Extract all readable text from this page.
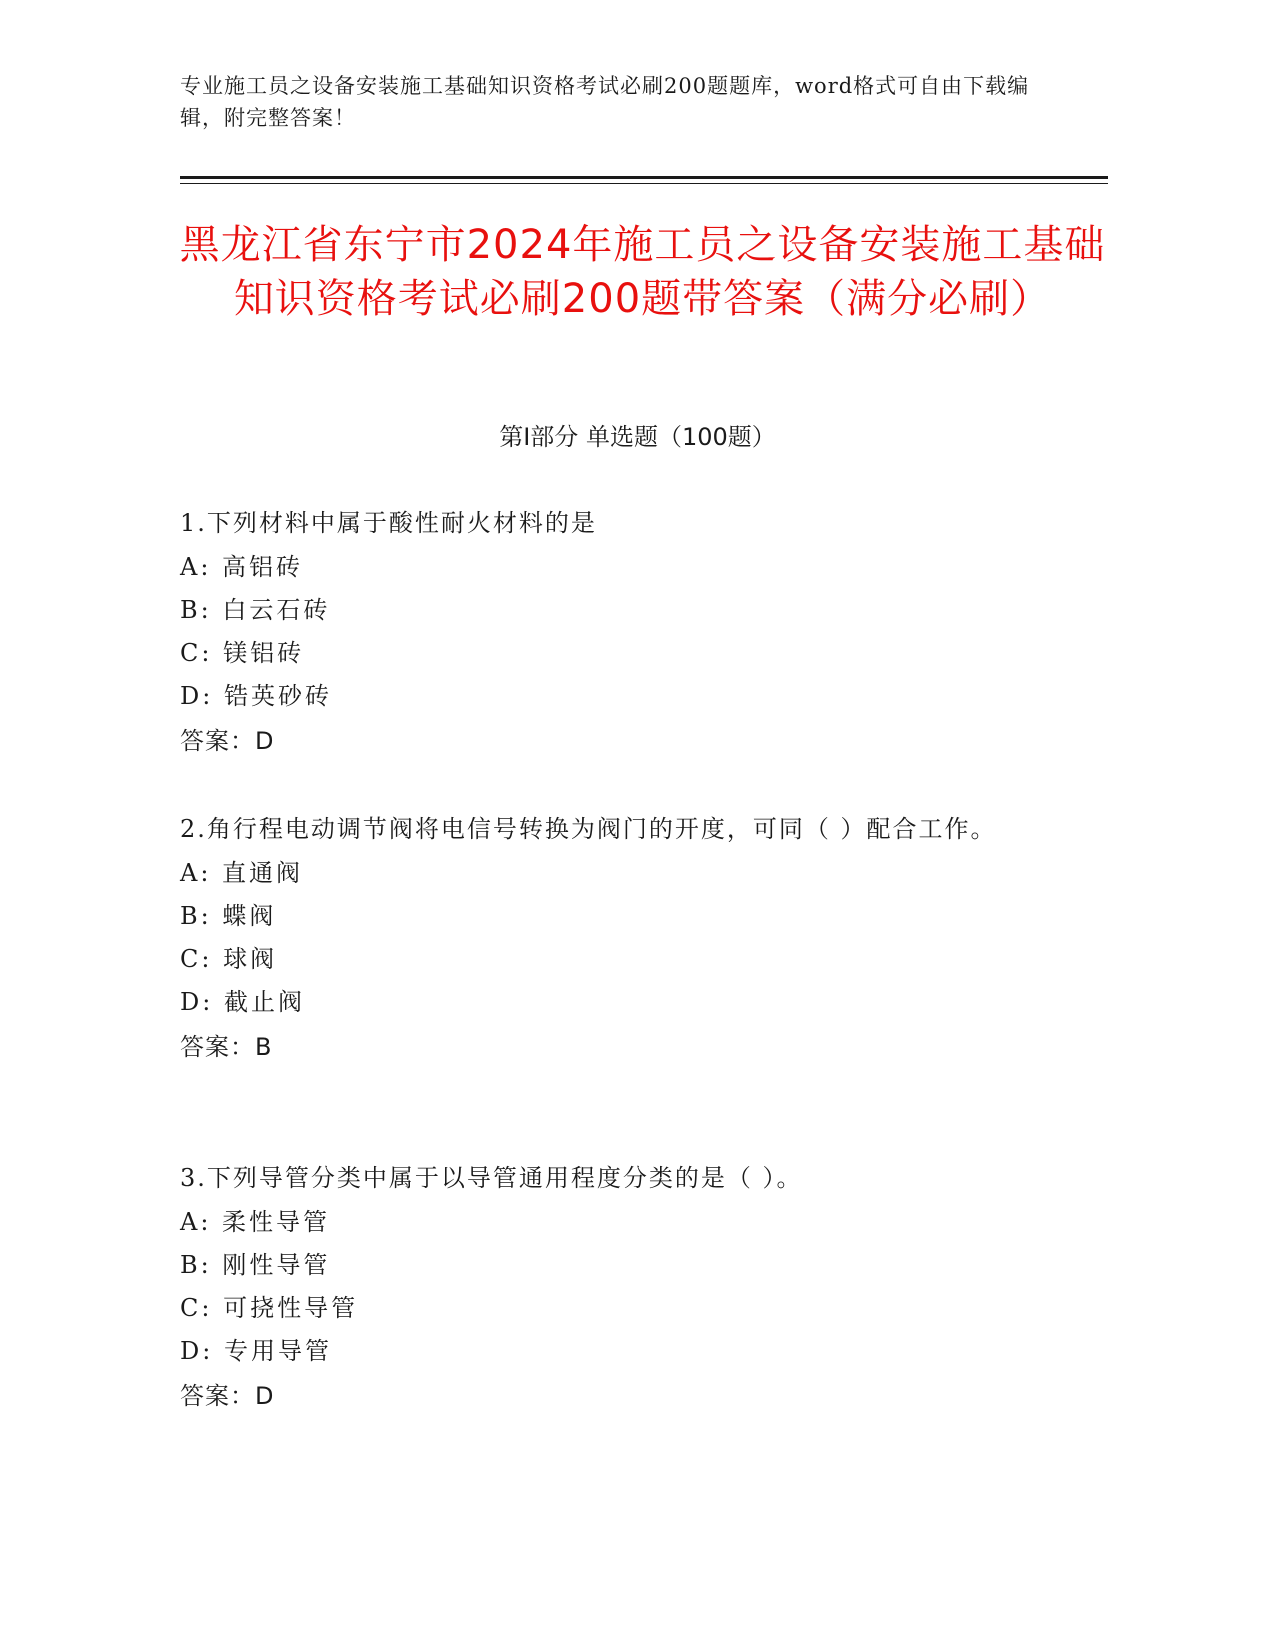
专业施工员之设备安装施工基础知识资格考试必刷200题题库，word格式可自由下载编辑，附完整答案！
黑龙江省东宁市2024年施工员之设备安装施工基础知识资格考试必刷200题带答案（满分必刷）
第I部分 单选题（100题）
1.下列材料中属于酸性耐火材料的是
A: 高铝砖
B: 白云石砖
C: 镁铝砖
D: 锆英砂砖
答案：D
2.角行程电动调节阀将电信号转换为阀门的开度，可同（ ）配合工作。
A: 直通阀
B: 蝶阀
C: 球阀
D: 截止阀
答案：B
3.下列导管分类中属于以导管通用程度分类的是（ ）。
A: 柔性导管
B: 刚性导管
C: 可挠性导管
D: 专用导管
答案：D
